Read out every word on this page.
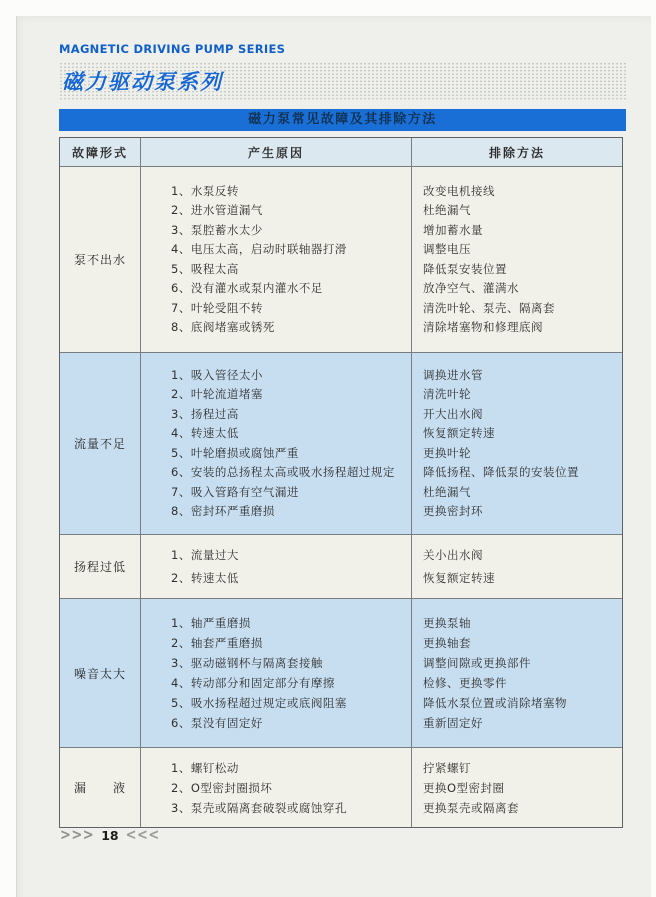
MAGNETIC DRIVING PUMP SERIES
磁力驱动泵系列
磁力泵常见故障及其排除方法
故障形式	产生原因	排除方法
泵不出水
1、水泵反转
2、进水管道漏气
3、泵腔蓄水太少
4、电压太高，启动时联轴器打滑
5、吸程太高
6、没有灌水或泵内灌水不足
7、叶轮受阻不转
8、底阀堵塞或锈死
改变电机接线
杜绝漏气
增加蓄水量
调整电压
降低泵安装位置
放净空气、灌满水
清洗叶轮、泵壳、隔离套
清除堵塞物和修理底阀
流量不足
1、吸入管径太小
2、叶轮流道堵塞
3、扬程过高
4、转速太低
5、叶轮磨损或腐蚀严重
6、安装的总扬程太高或吸水扬程超过规定
7、吸入管路有空气漏进
8、密封环严重磨损
调换进水管
清洗叶轮
开大出水阀
恢复额定转速
更换叶轮
降低扬程、降低泵的安装位置
杜绝漏气
更换密封环
扬程过低
1、流量过大
2、转速太低
关小出水阀
恢复额定转速
噪音太大
1、轴严重磨损
2、轴套严重磨损
3、驱动磁钢杯与隔离套接触
4、转动部分和固定部分有摩擦
5、吸水扬程超过规定或底阀阻塞
6、泵没有固定好
更换泵轴
更换轴套
调整间隙或更换部件
检修、更换零件
降低水泵位置或消除堵塞物
重新固定好
漏　　液
1、螺钉松动
2、O型密封圈损坏
3、泵壳或隔离套破裂或腐蚀穿孔
拧紧螺钉
更换O型密封圈
更换泵壳或隔离套
>>> 18 <<<
